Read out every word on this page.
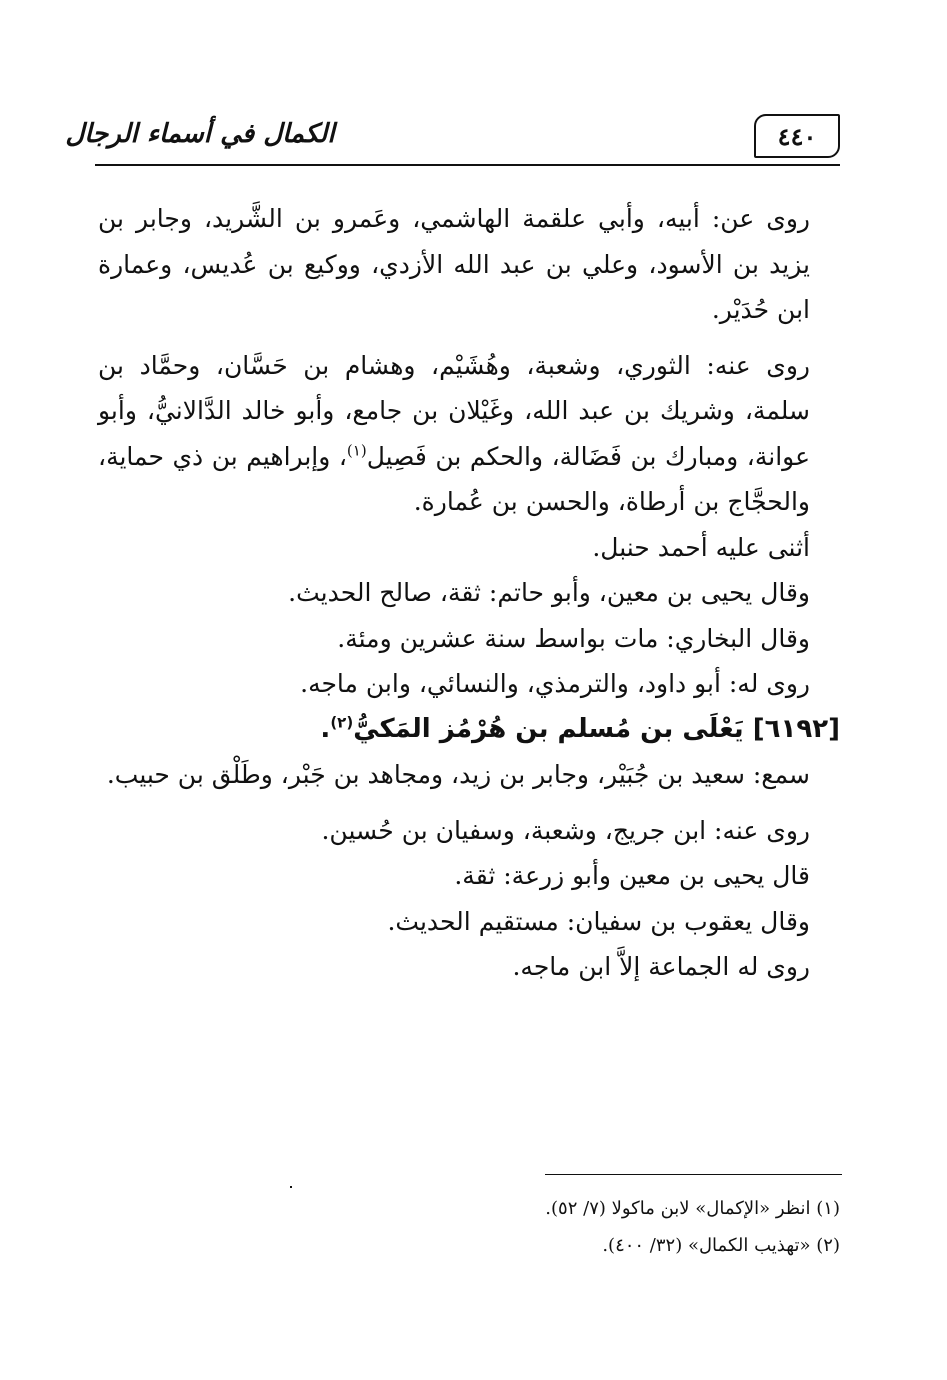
٤٤٠
الكمال في أسماء الرجال

روى عن: أبيه، وأبي علقمة الهاشمي، وعَمرو بن الشَّريد، وجابر بن يزيد بن الأسود، وعلي بن عبد الله الأزدي، ووكيع بن عُديس، وعمارة ابن حُدَيْر.

روى عنه: الثوري، وشعبة، وهُشَيْم، وهشام بن حَسَّان، وحمَّاد بن سلمة، وشريك بن عبد الله، وغَيْلان بن جامع، وأبو خالد الدَّالانيُّ، وأبو عوانة، ومبارك بن فَضَالة، والحكم بن فَصِيل$^{(١)}$، وإبراهيم بن ذي حماية، والحجَّاج بن أرطاة، والحسن بن عُمارة.

أثنى عليه أحمد حنبل.

وقال يحيى بن معين، وأبو حاتم: ثقة، صالح الحديث.

وقال البخاري: مات بواسط سنة عشرين ومئة.

روى له: أبو داود، والترمذي، والنسائي، وابن ماجه.

[٦١٩٢] يَعْلَى بن مُسلم بن هُرْمُز المَكيُّ$^{(٢)}$.

سمع: سعيد بن جُبَيْر، وجابر بن زيد، ومجاهد بن جَبْر، وطَلْق بن حبيب.

روى عنه: ابن جريج، وشعبة، وسفيان بن حُسين.

قال يحيى بن معين وأبو زرعة: ثقة.

وقال يعقوب بن سفيان: مستقيم الحديث.

روى له الجماعة إلاَّ ابن ماجه.

(١) انظر «الإكمال» لابن ماكولا (٧/ ٥٢).

(٢) «تهذيب الكمال» (٣٢/ ٤٠٠).
